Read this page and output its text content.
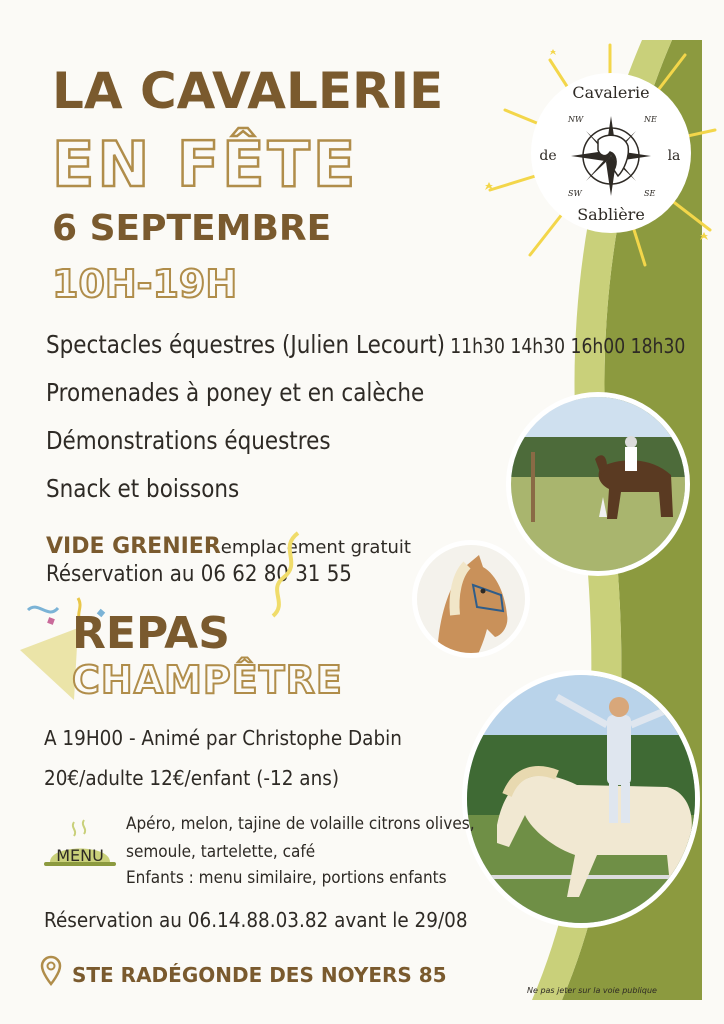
Cavalerie
de	la
Sablière
NW	NE
SW	SE
LA CAVALERIE
EN FÊTE
6 SEPTEMBRE
10H-19H
Spectacles équestres (Julien Lecourt) 11h30 14h30 16h00 18h30
Promenades à poney et en calèche
Démonstrations équestres
Snack et boissons
VIDE GRENIERemplacement gratuit
Réservation au 06 62 80 31 55
REPAS
CHAMPÊTRE
A 19H00 - Animé par Christophe Dabin
20€/adulte 12€/enfant (-12 ans)
MENU
Apéro, melon, tajine de volaille citrons olives,
semoule, tartelette, café
Enfants : menu similaire, portions enfants
Réservation au 06.14.88.03.82 avant le 29/08
STE RADÉGONDE DES NOYERS 85
Ne pas jeter sur la voie publique
